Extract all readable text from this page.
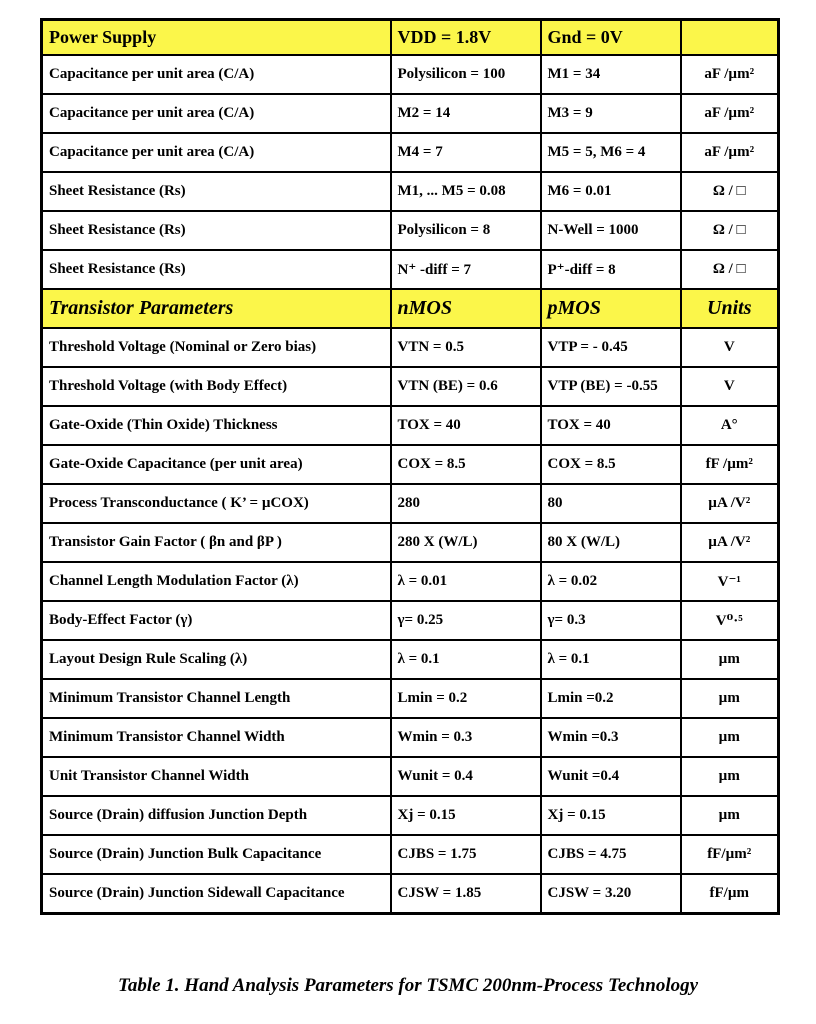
Power Supply	VDD = 1.8V	Gnd = 0V	
Capacitance per unit area (C/A)	Polysilicon = 100	M1 = 34	aF /µm²
Capacitance per unit area (C/A)	M2 = 14	M3 = 9	aF /µm²
Capacitance per unit area (C/A)	M4 = 7	M5 = 5, M6 = 4	aF /µm²
Sheet Resistance (Rs)	M1, ... M5 = 0.08	M6 = 0.01	Ω / □
Sheet Resistance (Rs)	Polysilicon = 8	N-Well = 1000	Ω / □
Sheet Resistance (Rs)	N⁺ -diff = 7	P⁺-diff = 8	Ω / □
Transistor Parameters	nMOS	pMOS	Units
Threshold Voltage (Nominal or Zero bias)	VTN = 0.5	VTP = - 0.45	V
Threshold Voltage (with Body Effect)	VTN (BE) = 0.6	VTP (BE) = -0.55	V
Gate-Oxide (Thin Oxide) Thickness	TOX = 40	TOX = 40	A°
Gate-Oxide Capacitance (per unit area)	COX = 8.5	COX = 8.5	fF /µm²
Process Transconductance ( K’ = µCOX)	280	80	µA /V²
Transistor Gain Factor ( βn and βP )	280 X (W/L)	80 X (W/L)	µA /V²
Channel Length Modulation Factor (λ)	λ = 0.01	λ = 0.02	V⁻¹
Body-Effect Factor (γ)	γ= 0.25	γ= 0.3	V⁰·⁵
Layout Design Rule Scaling (λ)	λ = 0.1	λ = 0.1	µm
Minimum Transistor Channel Length	Lmin = 0.2	Lmin =0.2	µm
Minimum Transistor Channel Width	Wmin = 0.3	Wmin =0.3	µm
Unit Transistor Channel Width	Wunit = 0.4	Wunit =0.4	µm
Source (Drain) diffusion Junction Depth	Xj = 0.15	Xj = 0.15	µm
Source (Drain) Junction Bulk Capacitance	CJBS = 1.75	CJBS = 4.75	fF/µm²
Source (Drain) Junction Sidewall Capacitance	CJSW = 1.85	CJSW = 3.20	fF/µm
Table 1. Hand Analysis Parameters for TSMC 200nm-Process Technology
